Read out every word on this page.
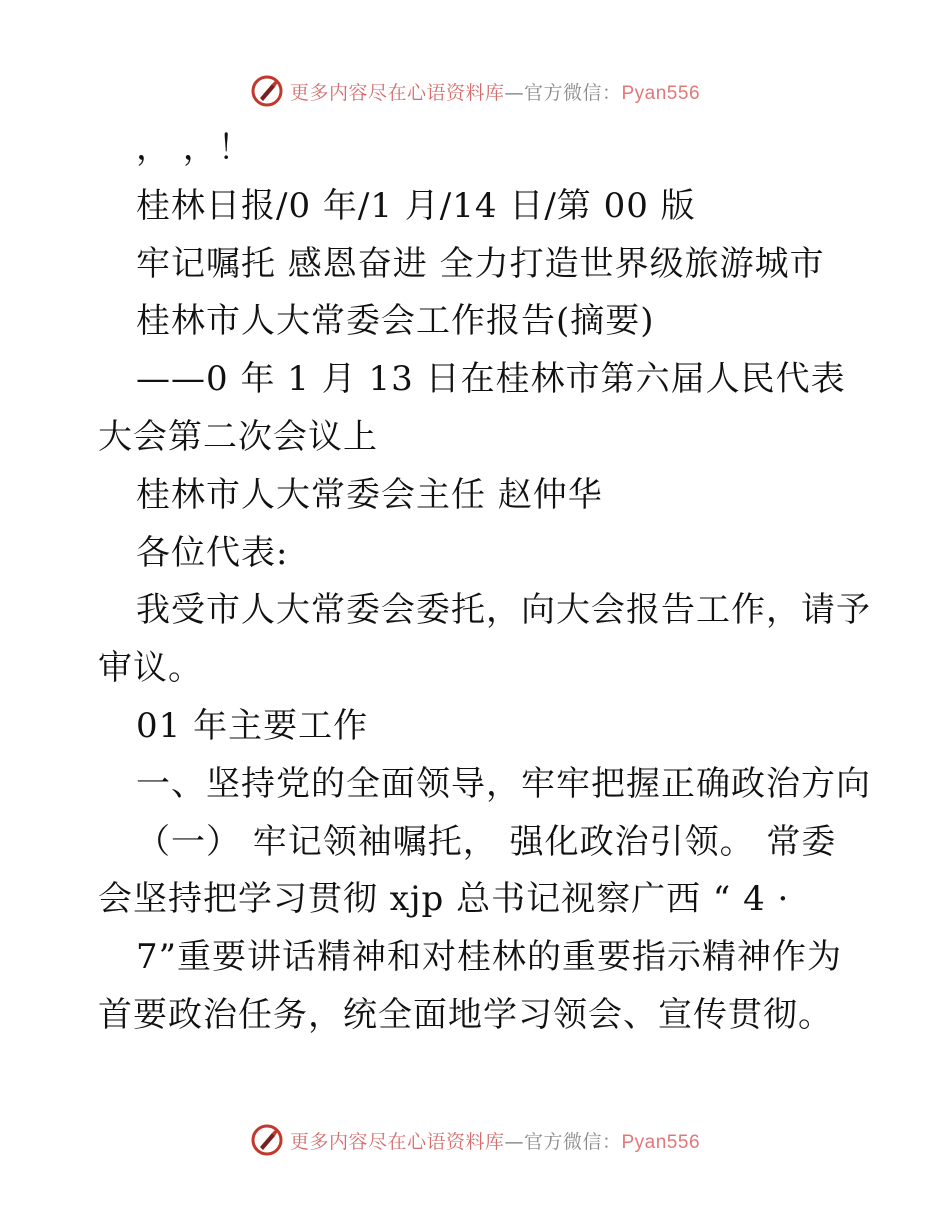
更多内容尽在心语资料库—官方微信：Pyan556
， ，！
桂林日报/0 年/1 月/14 日/第 00 版
牢记嘱托 感恩奋进 全力打造世界级旅游城市
桂林市人大常委会工作报告(摘要)
——0 年 1 月 13 日在桂林市第六届人民代表
大会第二次会议上
桂林市人大常委会主任 赵仲华
各位代表:
我受市人大常委会委托，向大会报告工作，请予
审议。
01 年主要工作
一、坚持党的全面领导，牢牢把握正确政治方向
（一） 牢记领袖嘱托， 强化政治引领。 常委
会坚持把学习贯彻 xjp 总书记视察广西 “ 4 ·
7”重要讲话精神和对桂林的重要指示精神作为
首要政治任务，统全面地学习领会、宣传贯彻。
更多内容尽在心语资料库—官方微信：Pyan556
